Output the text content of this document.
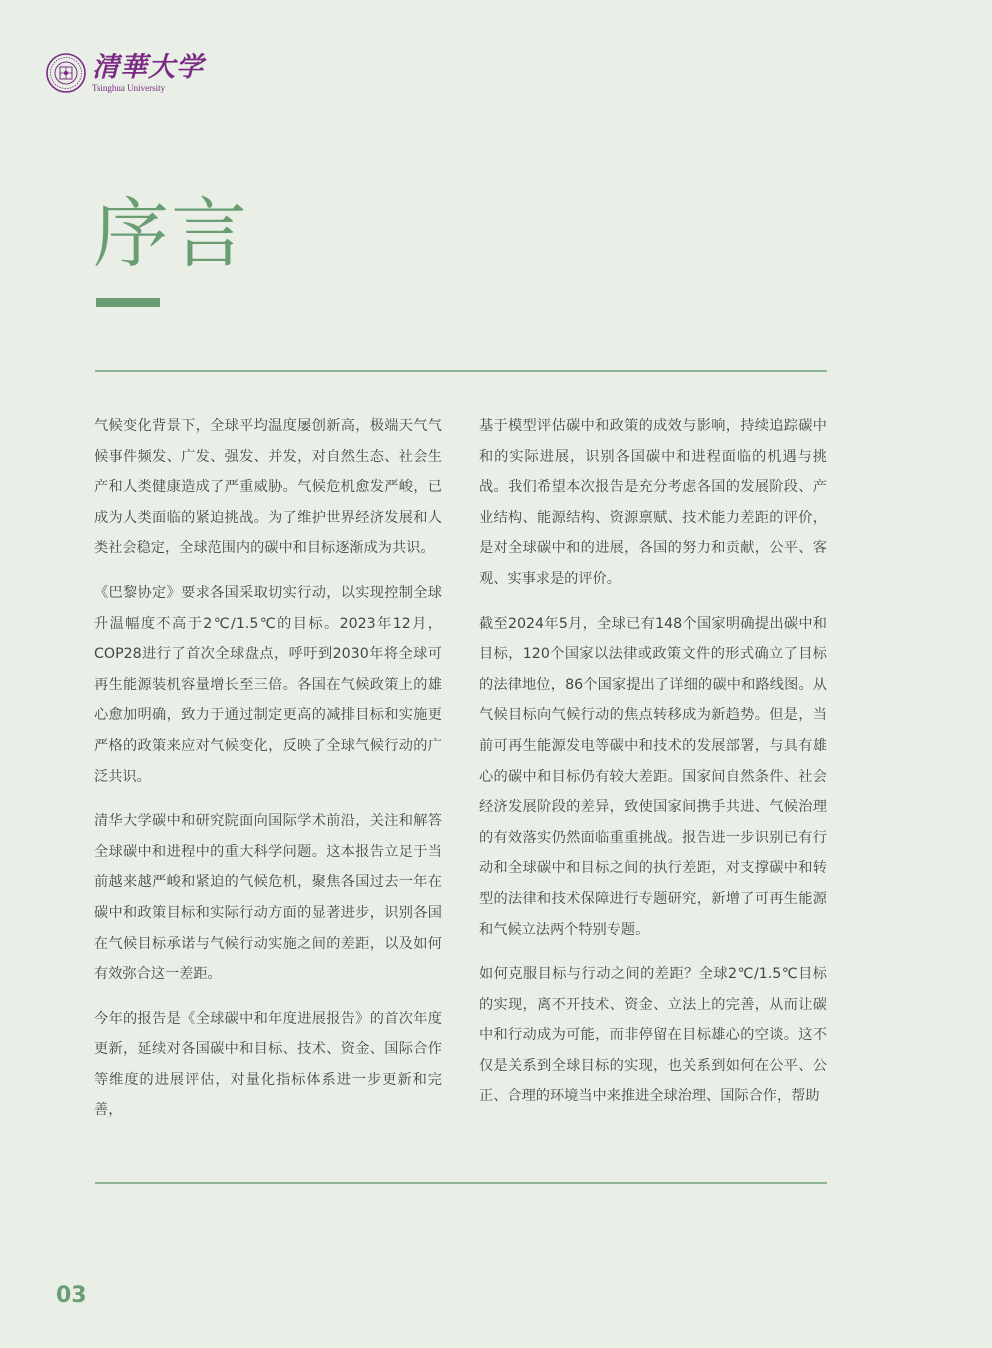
清華大学
Tsinghua University
序言

气候变化背景下，全球平均温度屡创新高，极端天气气候事件频发、广发、强发、并发，对自然生态、社会生产和人类健康造成了严重威胁。气候危机愈发严峻，已成为人类面临的紧迫挑战。为了维护世界经济发展和人类社会稳定，全球范围内的碳中和目标逐渐成为共识。

《巴黎协定》要求各国采取切实行动，以实现控制全球升温幅度不高于2℃/1.5℃的目标。2023年12月，COP28进行了首次全球盘点，呼吁到2030年将全球可再生能源装机容量增长至三倍。各国在气候政策上的雄心愈加明确，致力于通过制定更高的减排目标和实施更严格的政策来应对气候变化，反映了全球气候行动的广泛共识。

清华大学碳中和研究院面向国际学术前沿，关注和解答全球碳中和进程中的重大科学问题。这本报告立足于当前越来越严峻和紧迫的气候危机，聚焦各国过去一年在碳中和政策目标和实际行动方面的显著进步，识别各国在气候目标承诺与气候行动实施之间的差距，以及如何有效弥合这一差距。

今年的报告是《全球碳中和年度进展报告》的首次年度更新，延续对各国碳中和目标、技术、资金、国际合作等维度的进展评估，对量化指标体系进一步更新和完善，

基于模型评估碳中和政策的成效与影响，持续追踪碳中和的实际进展，识别各国碳中和进程面临的机遇与挑战。我们希望本次报告是充分考虑各国的发展阶段、产业结构、能源结构、资源禀赋、技术能力差距的评价，是对全球碳中和的进展，各国的努力和贡献，公平、客观、实事求是的评价。

截至2024年5月，全球已有148个国家明确提出碳中和目标，120个国家以法律或政策文件的形式确立了目标的法律地位，86个国家提出了详细的碳中和路线图。从气候目标向气候行动的焦点转移成为新趋势。但是，当前可再生能源发电等碳中和技术的发展部署，与具有雄心的碳中和目标仍有较大差距。国家间自然条件、社会经济发展阶段的差异，致使国家间携手共进、气候治理的有效落实仍然面临重重挑战。报告进一步识别已有行动和全球碳中和目标之间的执行差距，对支撑碳中和转型的法律和技术保障进行专题研究，新增了可再生能源和气候立法两个特别专题。

如何克服目标与行动之间的差距？全球2℃/1.5℃目标的实现，离不开技术、资金、立法上的完善，从而让碳中和行动成为可能，而非停留在目标雄心的空谈。这不仅是关系到全球目标的实现，也关系到如何在公平、公正、合理的环境当中来推进全球治理、国际合作，帮助

03
